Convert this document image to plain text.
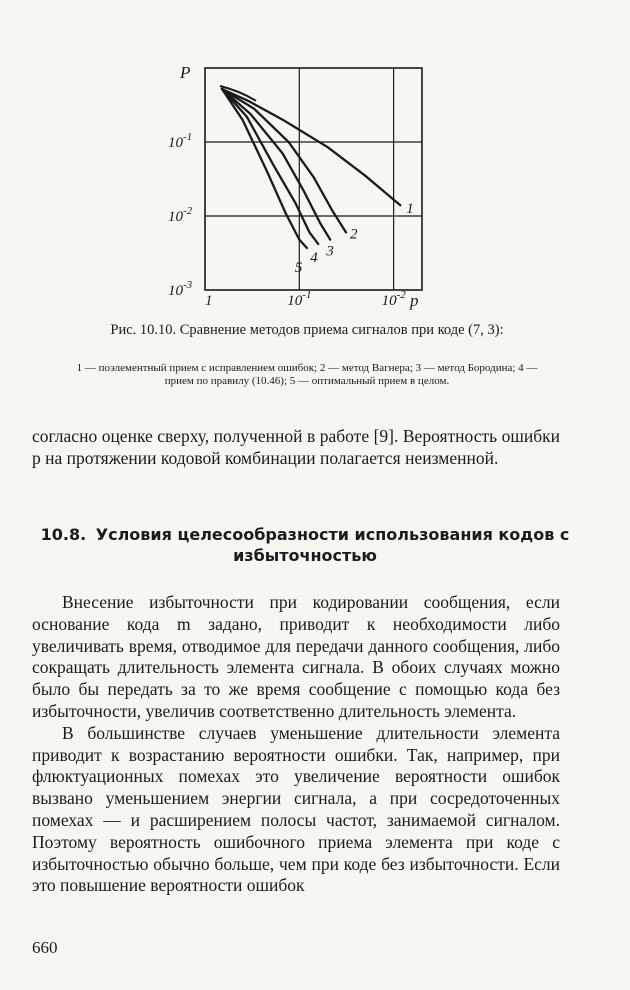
1
2
3
4
5
P
p
$10^{-1}$
$10^{-2}$
$10^{-3}$
1	$10^{-1}$	$10^{-2}$
Рис. 10.10. Сравнение методов приема сигналов при коде (7, 3):
1 — поэлементный прием с исправлением ошибок; 2 — метод Вагнера; 3 — метод Бородина; 4 — прием по правилу (10.46); 5 — оптимальный прием в целом.

согласно оценке сверху, полученной в работе [9]. Вероятность ошибки p на протяжении кодовой комбинации полагается неизменной.

10.8. Условия целесообразности использования кодов с избыточностью

Внесение избыточности при кодировании сообщения, если основание кода m задано, приводит к необходимости либо увеличивать время, отводимое для передачи данного сообщения, либо сокращать длительность элемента сигнала. В обоих случаях можно было бы передать за то же время сообщение с помощью кода без избыточности, увеличив соответственно длительность элемента.

В большинстве случаев уменьшение длительности элемента приводит к возрастанию вероятности ошибки. Так, например, при флюктуационных помехах это увеличение вероятности ошибок вызвано уменьшением энергии сигнала, а при сосредоточенных помехах — и расширением полосы частот, занимаемой сигналом. Поэтому вероятность ошибочного приема элемента при коде с избыточностью обычно больше, чем при коде без избыточности. Если это повышение вероятности ошибок

660
